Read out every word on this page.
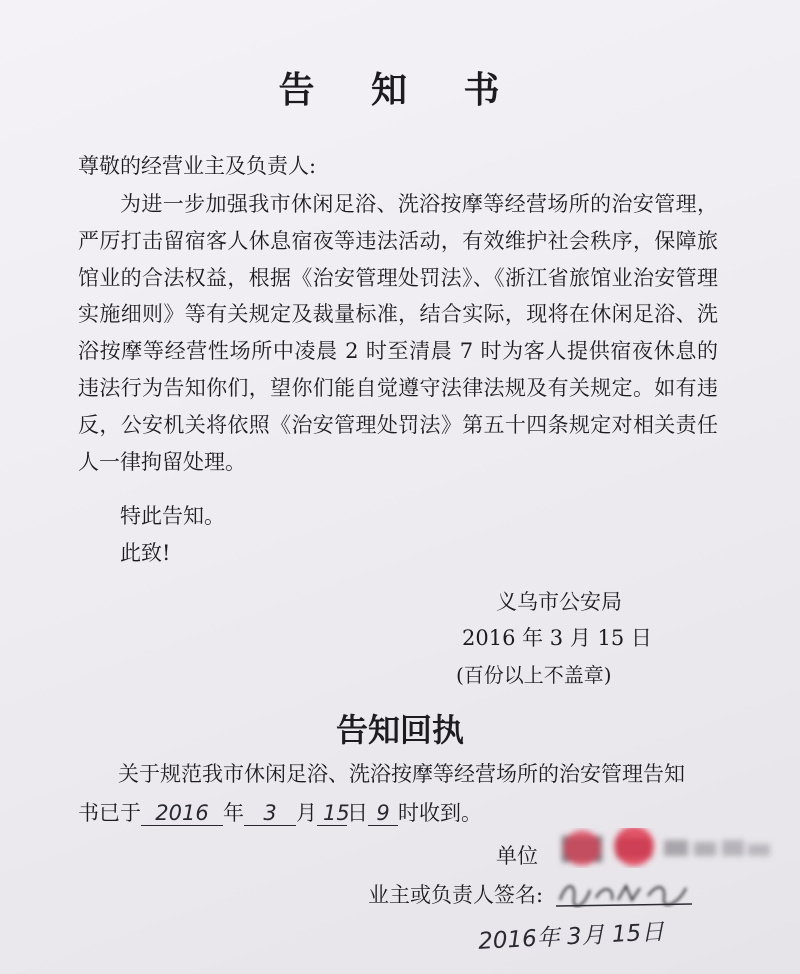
告 知 书
尊敬的经营业主及负责人:
为进一步加强我市休闲足浴、洗浴按摩等经营场所的治安管理，严厉打击留宿客人休息宿夜等违法活动，有效维护社会秩序，保障旅馆业的合法权益，根据《治安管理处罚法》、《浙江省旅馆业治安管理实施细则》等有关规定及裁量标准，结合实际，现将在休闲足浴、洗浴按摩等经营性场所中凌晨 2 时至清晨 7 时为客人提供宿夜休息的违法行为告知你们，望你们能自觉遵守法律法规及有关规定。如有违反，公安机关将依照《治安管理处罚法》第五十四条规定对相关责任人一律拘留处理。
特此告知。
此致!
义乌市公安局
2016 年 3 月 15 日
(百份以上不盖章)
告知回执
关于规范我市休闲足浴、洗浴按摩等经营场所的治安管理告知
书已于 2016 年 3 月 15日 9 时收到。
单位
业主或负责人签名:
2016年 3月 15日
